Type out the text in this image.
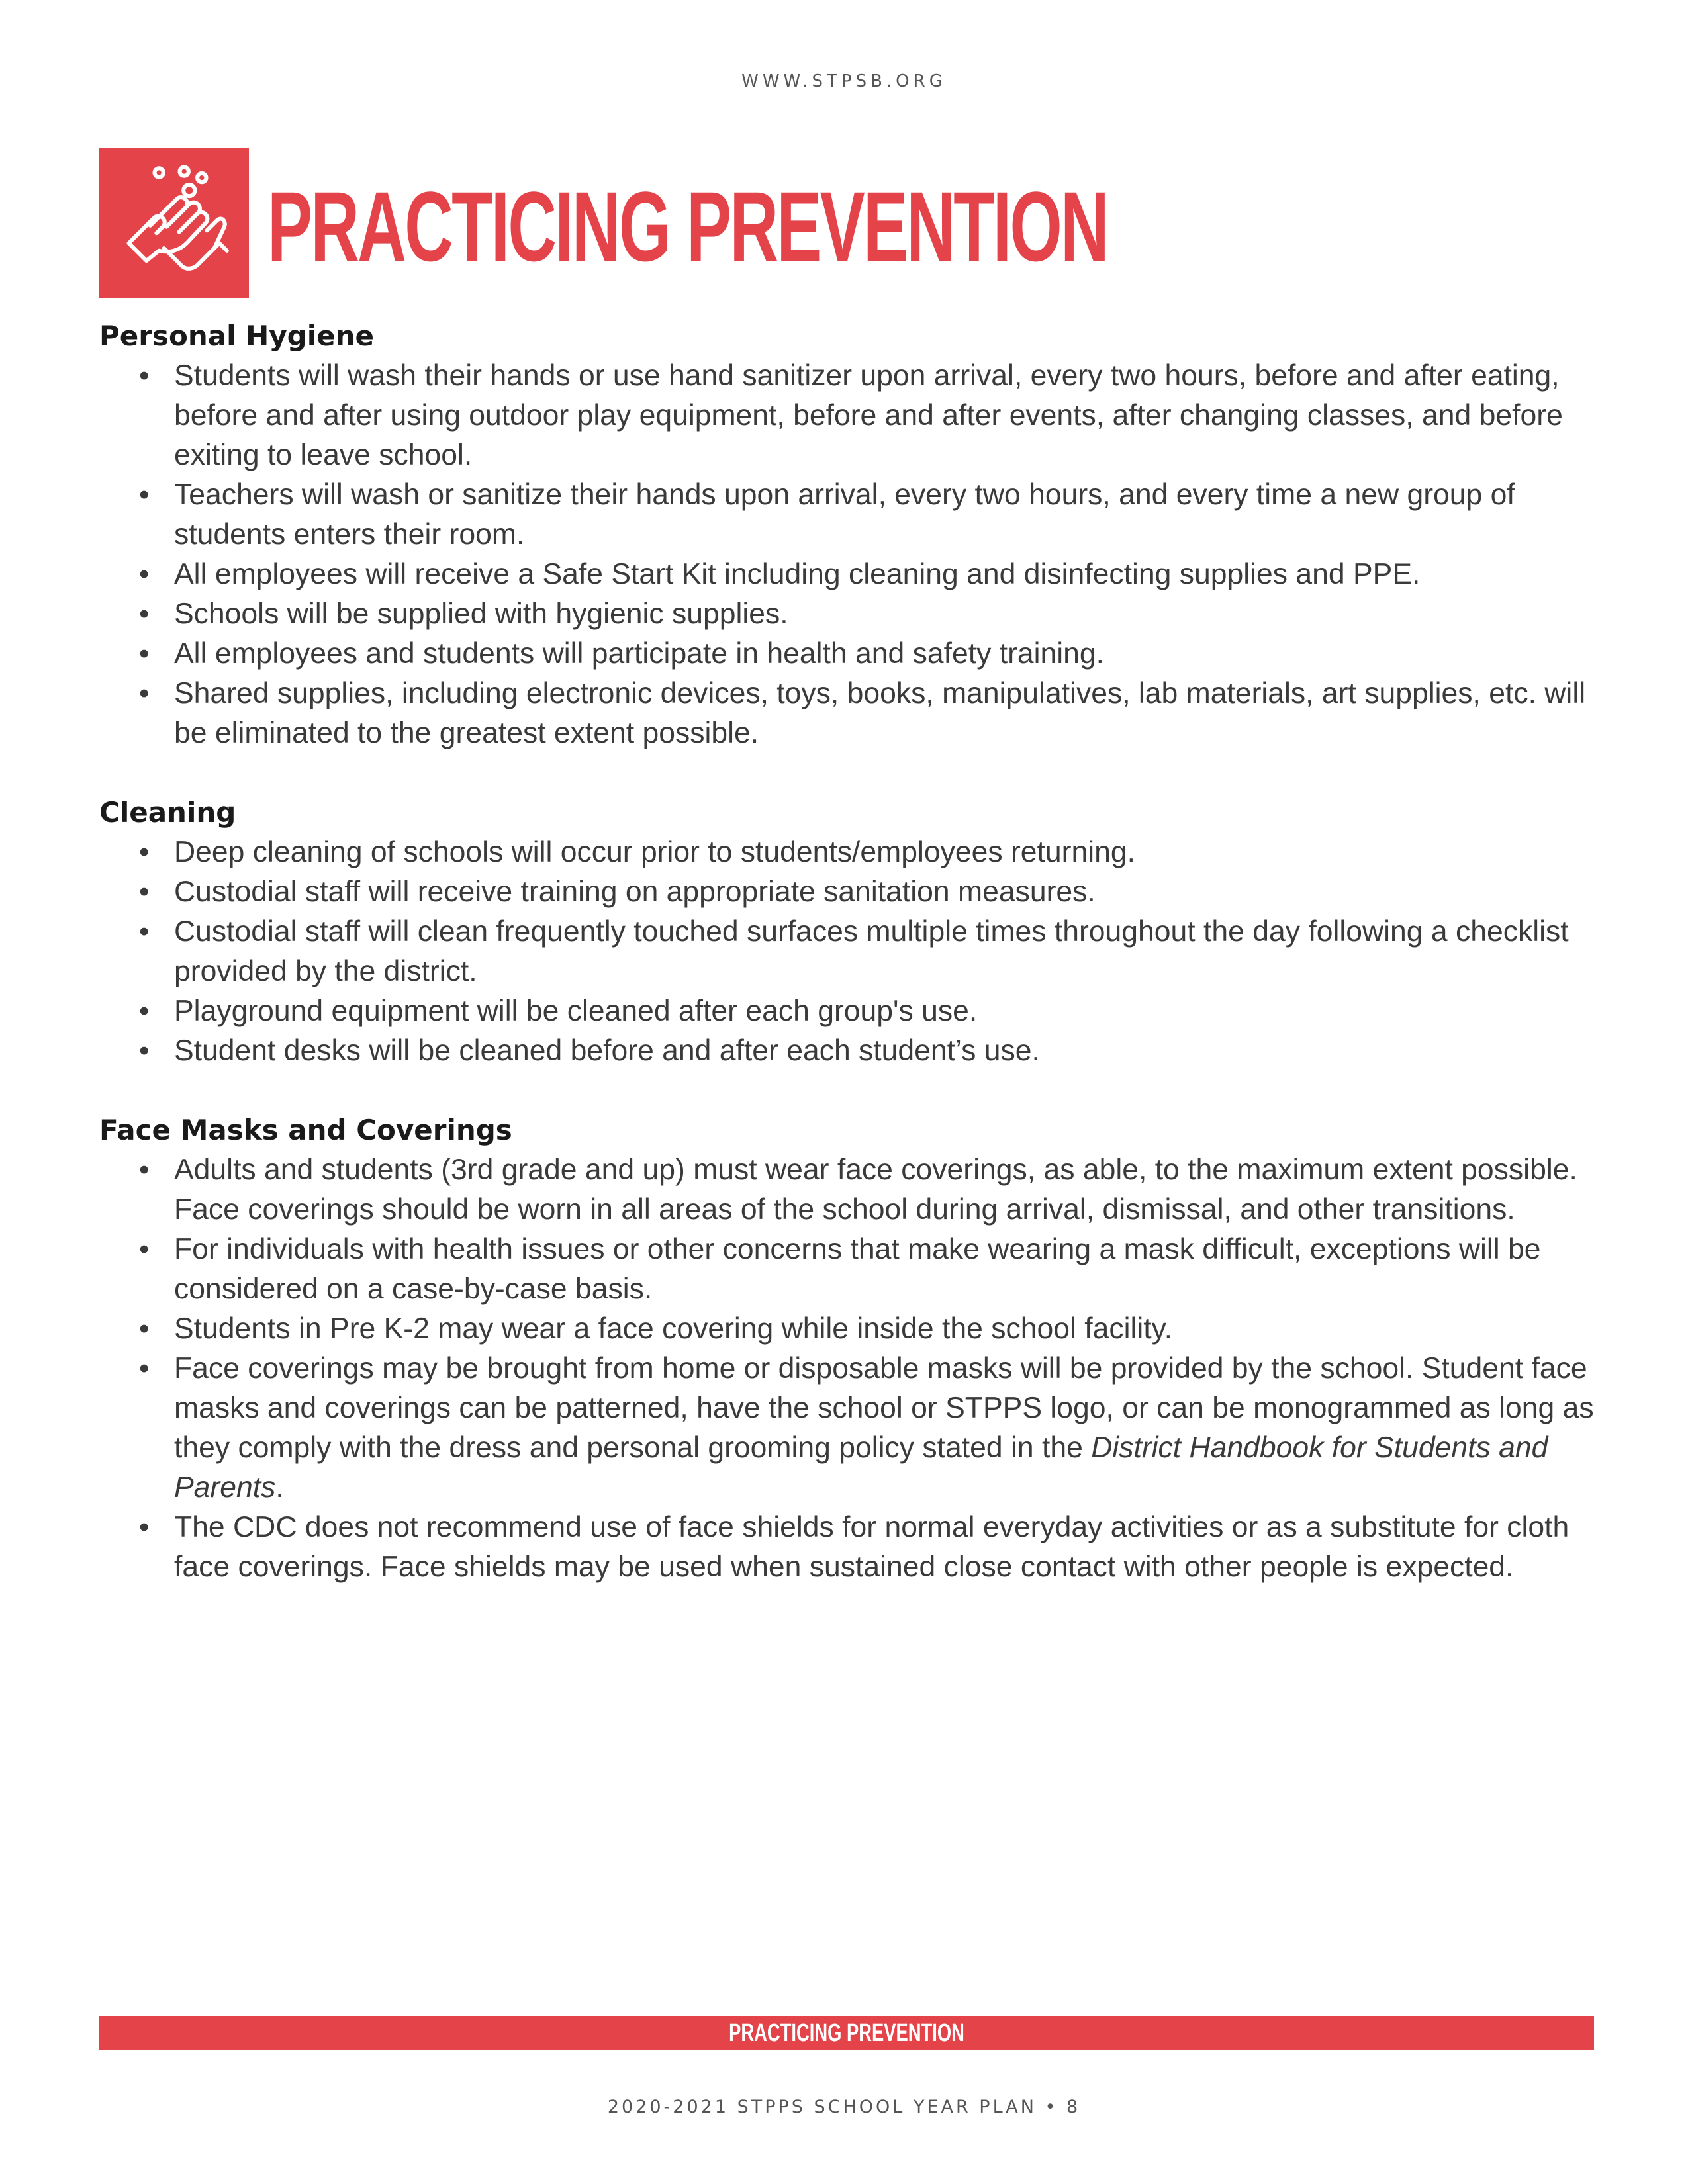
WWW.STPSB.ORG
PRACTICING PREVENTION
Personal Hygiene
• Students will wash their hands or use hand sanitizer upon arrival, every two hours, before and after eating, before and after using outdoor play equipment, before and after events, after changing classes, and before exiting to leave school.
• Teachers will wash or sanitize their hands upon arrival, every two hours, and every time a new group of students enters their room.
• All employees will receive a Safe Start Kit including cleaning and disinfecting supplies and PPE.
• Schools will be supplied with hygienic supplies.
• All employees and students will participate in health and safety training.
• Shared supplies, including electronic devices, toys, books, manipulatives, lab materials, art supplies, etc. will be eliminated to the greatest extent possible.
Cleaning
• Deep cleaning of schools will occur prior to students/employees returning.
• Custodial staff will receive training on appropriate sanitation measures.
• Custodial staff will clean frequently touched surfaces multiple times throughout the day following a checklist provided by the district.
• Playground equipment will be cleaned after each group's use.
• Student desks will be cleaned before and after each student’s use.
Face Masks and Coverings
• Adults and students (3rd grade and up) must wear face coverings, as able, to the maximum extent possible. Face coverings should be worn in all areas of the school during arrival, dismissal, and other transitions.
• For individuals with health issues or other concerns that make wearing a mask difficult, exceptions will be considered on a case-by-case basis.
• Students in Pre K-2 may wear a face covering while inside the school facility.
• Face coverings may be brought from home or disposable masks will be provided by the school. Student face masks and coverings can be patterned, have the school or STPPS logo, or can be monogrammed as long as they comply with the dress and personal grooming policy stated in the District Handbook for Students and Parents.
• The CDC does not recommend use of face shields for normal everyday activities or as a substitute for cloth face coverings. Face shields may be used when sustained close contact with other people is expected.
PRACTICING PREVENTION
2020-2021 STPPS SCHOOL YEAR PLAN • 8
